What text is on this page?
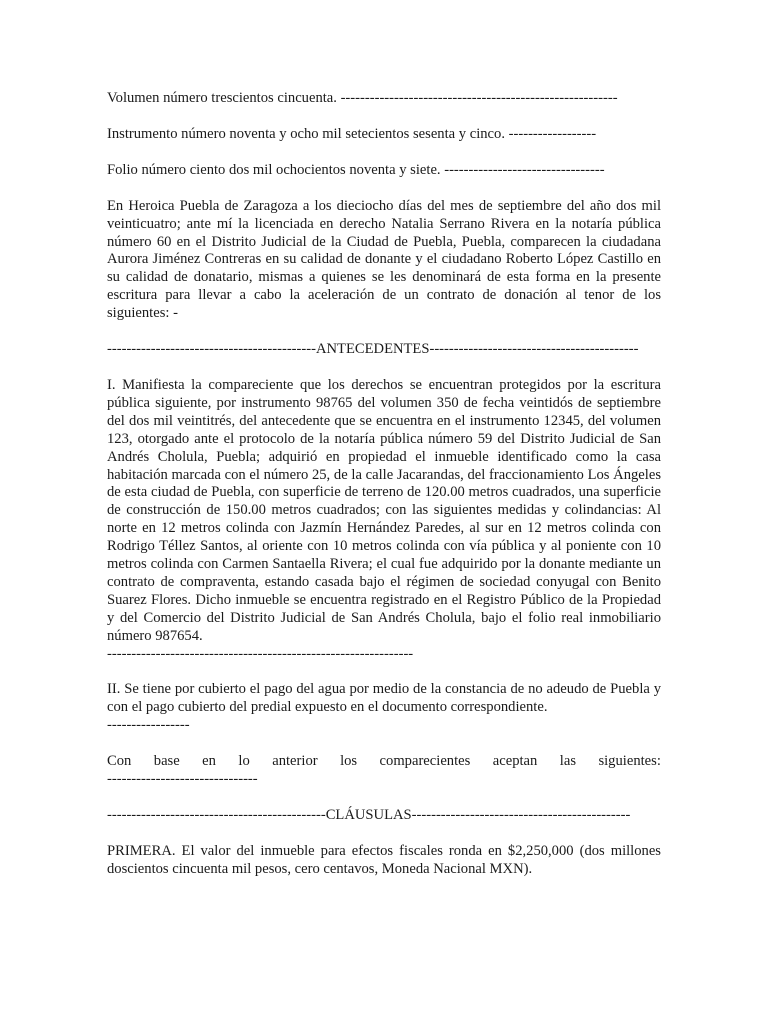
Volumen número trescientos cincuenta. ---------------------------------------------------------
Instrumento número noventa y ocho mil setecientos sesenta y cinco. ------------------
Folio número ciento dos mil ochocientos noventa y siete. ---------------------------------
En Heroica Puebla de Zaragoza a los dieciocho días del mes de septiembre del año dos mil veinticuatro; ante mí la licenciada en derecho Natalia Serrano Rivera en la notaría pública número 60 en el Distrito Judicial de la Ciudad de Puebla, Puebla, comparecen la ciudadana Aurora Jiménez Contreras en su calidad de donante y el ciudadano Roberto López Castillo en su calidad de donatario, mismas a quienes se les denominará de esta forma en la presente escritura para llevar a cabo la aceleración de un contrato de donación al tenor de los siguientes: -
-------------------------------------------ANTECEDENTES-------------------------------------------
I. Manifiesta la compareciente que los derechos se encuentran protegidos por la escritura pública siguiente, por instrumento 98765 del volumen 350 de fecha veintidós de septiembre del dos mil veintitrés, del antecedente que se encuentra en el instrumento 12345, del volumen 123, otorgado ante el protocolo de la notaría pública número 59 del Distrito Judicial de San Andrés Cholula, Puebla; adquirió en propiedad el inmueble identificado como la casa habitación marcada con el número 25, de la calle Jacarandas, del fraccionamiento Los Ángeles de esta ciudad de Puebla, con superficie de terreno de 120.00 metros cuadrados, una superficie de construcción de 150.00 metros cuadrados; con las siguientes medidas y colindancias: Al norte en 12 metros colinda con Jazmín Hernández Paredes, al sur en 12 metros colinda con Rodrigo Téllez Santos, al oriente con 10 metros colinda con vía pública y al poniente con 10 metros colinda con Carmen Santaella Rivera; el cual fue adquirido por la donante mediante un contrato de compraventa, estando casada bajo el régimen de sociedad conyugal con Benito Suarez Flores. Dicho inmueble se encuentra registrado en el Registro Público de la Propiedad y del Comercio del Distrito Judicial de San Andrés Cholula, bajo el folio real inmobiliario número 987654.
---------------------------------------------------------------
II. Se tiene por cubierto el pago del agua por medio de la constancia de no adeudo de Puebla y con el pago cubierto del predial expuesto en el documento correspondiente.
-----------------
Con base en lo anterior los comparecientes aceptan las siguientes:
-------------------------------
---------------------------------------------CLÁUSULAS---------------------------------------------
PRIMERA. El valor del inmueble para efectos fiscales ronda en $2,250,000 (dos millones doscientos cincuenta mil pesos, cero centavos, Moneda Nacional MXN).
